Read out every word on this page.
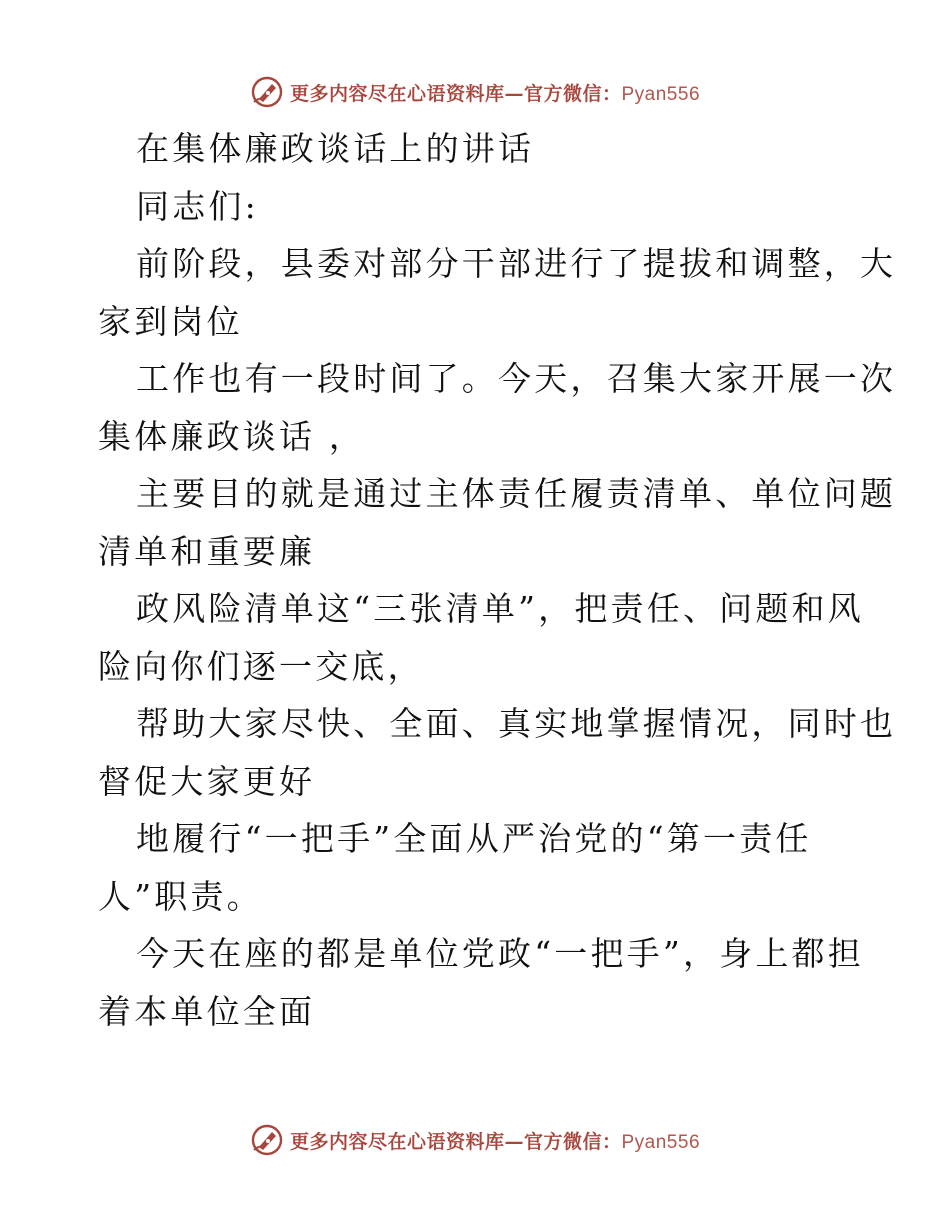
更多内容尽在心语资料库—官方微信：Pyan556
在集体廉政谈话上的讲话
同志们:
前阶段，县委对部分干部进行了提拔和调整，大
家到岗位
工作也有一段时间了。今天，召集大家开展一次
集体廉政谈话 ，
主要目的就是通过主体责任履责清单、单位问题
清单和重要廉
政风险清单这“三张清单”，把责任、问题和风
险向你们逐一交底，
帮助大家尽快、全面、真实地掌握情况，同时也
督促大家更好
地履行“一把手”全面从严治党的“第一责任
人”职责。
今天在座的都是单位党政“一把手”，身上都担
着本单位全面
更多内容尽在心语资料库—官方微信：Pyan556
